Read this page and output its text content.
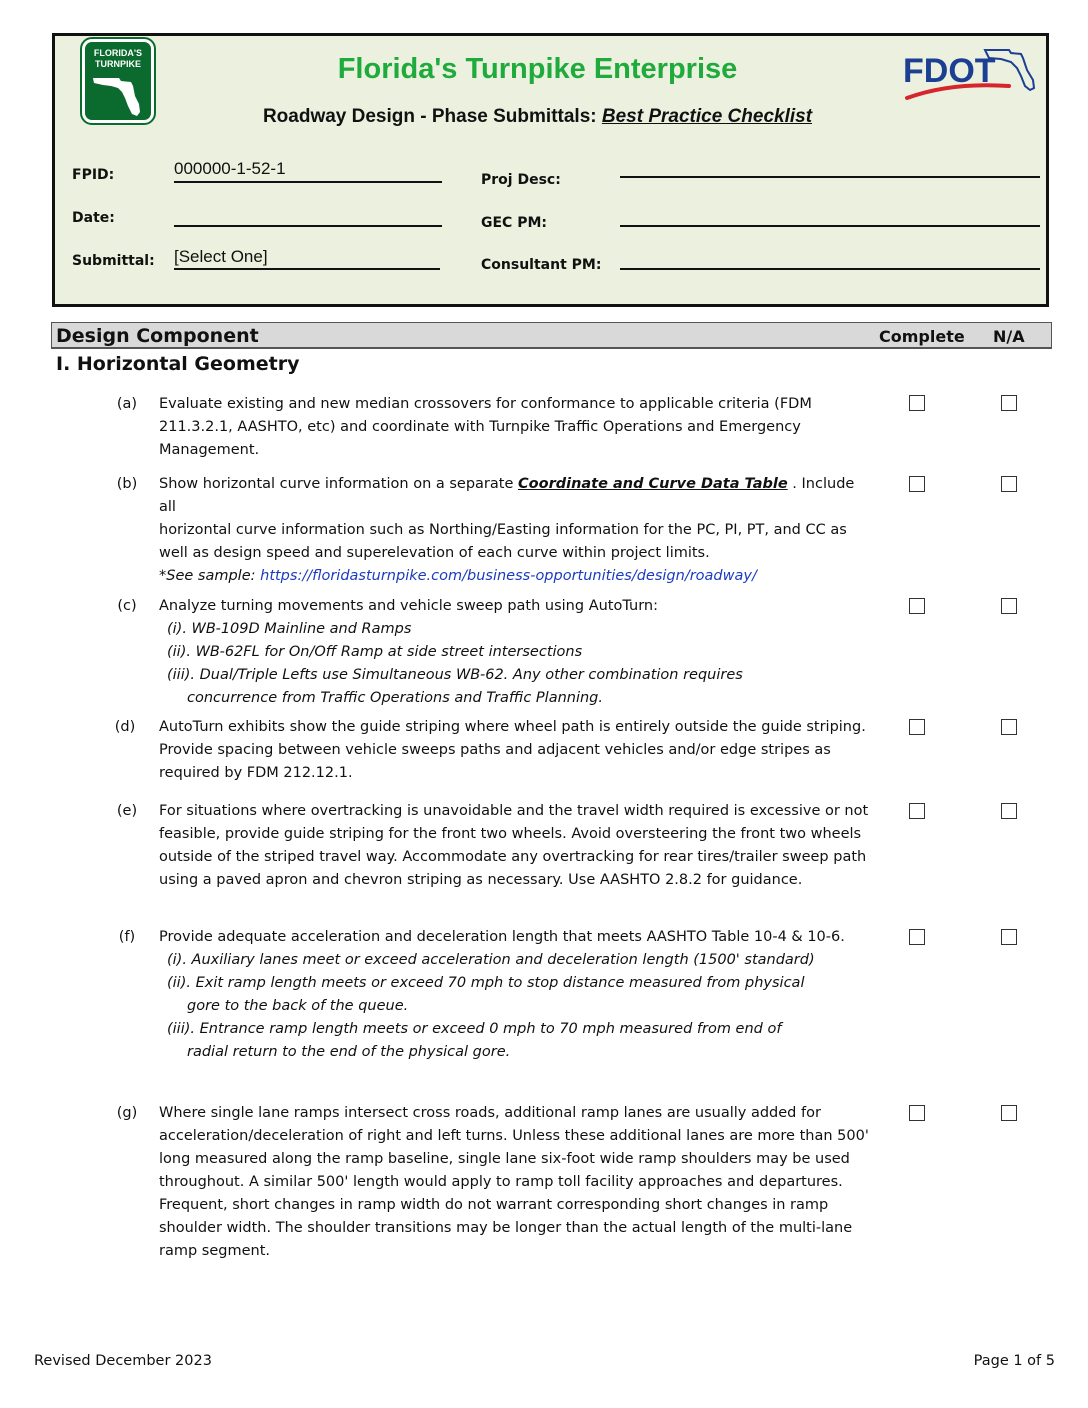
FLORIDA'S
TURNPIKE	Florida's Turnpike Enterprise
Roadway Design - Phase Submittals: Best Practice Checklist
FDOT
FPID:	000000-1-52-1
Date:
Submittal: [Select One]
Proj Desc:
GEC PM:
Consultant PM:
Design Component	Complete N/A
I. Horizontal Geometry
(a)	Evaluate existing and new median crossovers for conformance to applicable criteria (FDM

211.3.2.1, AASHTO, etc) and coordinate with Turnpike Traffic Operations and Emergency

Management.

(b)	Show horizontal curve information on a separate Coordinate and Curve Data Table . Include all

horizontal curve information such as Northing/Easting information for the PC, PI, PT, and CC as

well as design speed and superelevation of each curve within project limits.

*See sample: https://floridasturnpike.com/business-opportunities/design/roadway/

(c)	Analyze turning movements and vehicle sweep path using AutoTurn:

(i). WB-109D Mainline and Ramps

(ii). WB-62FL for On/Off Ramp at side street intersections

(iii). Dual/Triple Lefts use Simultaneous WB-62. Any other combination requires

concurrence from Traffic Operations and Traffic Planning.

(d)	AutoTurn exhibits show the guide striping where wheel path is entirely outside the guide striping.

Provide spacing between vehicle sweeps paths and adjacent vehicles and/or edge stripes as

required by FDM 212.12.1.

(e)	For situations where overtracking is unavoidable and the travel width required is excessive or not

feasible, provide guide striping for the front two wheels. Avoid oversteering the front two wheels

outside of the striped travel way. Accommodate any overtracking for rear tires/trailer sweep path

using a paved apron and chevron striping as necessary. Use AASHTO 2.8.2 for guidance.

(f)	Provide adequate acceleration and deceleration length that meets AASHTO Table 10-4 & 10-6.

(i). Auxiliary lanes meet or exceed acceleration and deceleration length (1500' standard)

(ii). Exit ramp length meets or exceed 70 mph to stop distance measured from physical

gore to the back of the queue.

(iii). Entrance ramp length meets or exceed 0 mph to 70 mph measured from end of

radial return to the end of the physical gore.

(g)	Where single lane ramps intersect cross roads, additional ramp lanes are usually added for

acceleration/deceleration of right and left turns. Unless these additional lanes are more than 500'

long measured along the ramp baseline, single lane six-foot wide ramp shoulders may be used

throughout. A similar 500' length would apply to ramp toll facility approaches and departures.

Frequent, short changes in ramp width do not warrant corresponding short changes in ramp

shoulder width. The shoulder transitions may be longer than the actual length of the multi-lane

ramp segment.

Revised December 2023	Page 1 of 5
